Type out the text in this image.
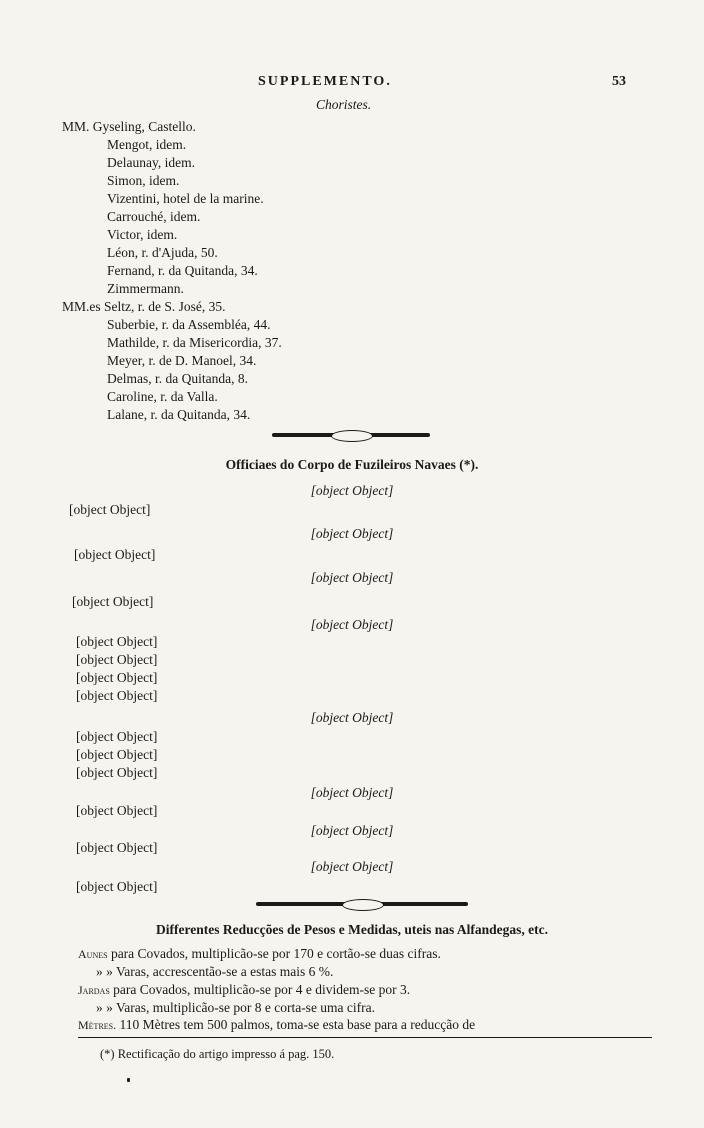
SUPPLEMENTO.	53
Choristes.
MM. Gyseling, Castello.
Mengot, idem.
Delaunay, idem.
Simon, idem.
Vizentini, hotel de la marine.
Carrouché, idem.
Victor, idem.
Léon, r. d'Ajuda, 50.
Fernand, r. da Quitanda, 34.
Zimmermann.
MM.es Seltz, r. de S. José, 35.
Suberbie, r. da Assembléa, 44.
Mathilde, r. da Misericordia, 37.
Meyer, r. de D. Manoel, 34.
Delmas, r. da Quitanda, 8.
Caroline, r. da Valla.
Lalane, r. da Quitanda, 34.
Officiaes do Corpo de Fuzileiros Navaes (*).
[object Object]
[object Object]
[object Object]
[object Object]
[object Object]
[object Object]
[object Object]
[object Object]
[object Object]
[object Object]
[object Object]
[object Object]
[object Object]
[object Object]
[object Object]
[object Object]
[object Object]
[object Object]
[object Object]
[object Object]
[object Object]
Differentes Reducções de Pesos e Medidas, uteis nas Alfandegas, etc.
Aunes para Covados, multiplicão-se por 170 e cortão-se duas cifras.
» » Varas, accrescentão-se a estas mais 6 %.
Jardas para Covados, multiplicão-se por 4 e dividem-se por 3.
» » Varas, multiplicão-se por 8 e corta-se uma cifra.
Mètres. 110 Mètres tem 500 palmos, toma-se esta base para a reducção de
(*) Rectificação do artigo impresso á pag. 150.
